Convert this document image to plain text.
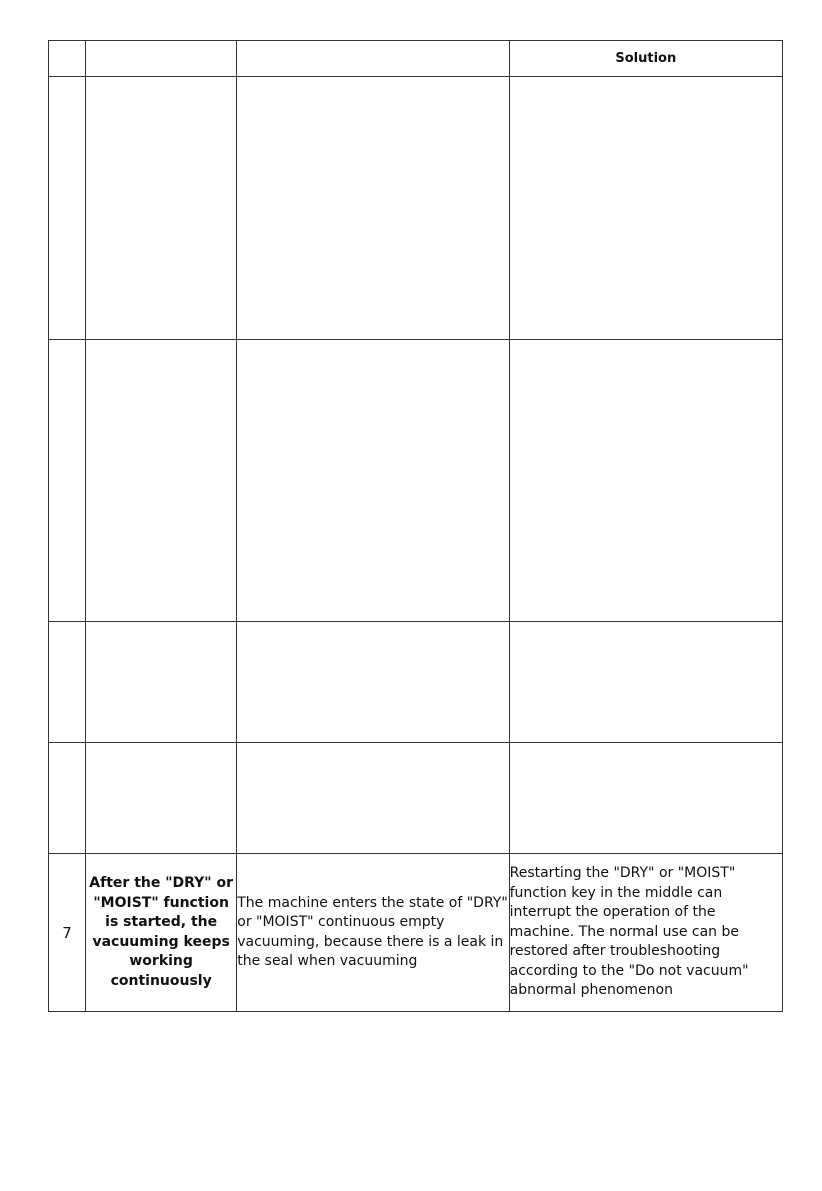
			Solution

7	After the "DRY" or "MOIST" function is started, the vacuuming keeps working continuously	The machine enters the state of "DRY" or "MOIST" continuous empty vacuuming, because there is a leak in the seal when vacuuming	Restarting the "DRY" or "MOIST" function key in the middle can interrupt the operation of the machine. The normal use can be restored after troubleshooting according to the "Do not vacuum" abnormal phenomenon
